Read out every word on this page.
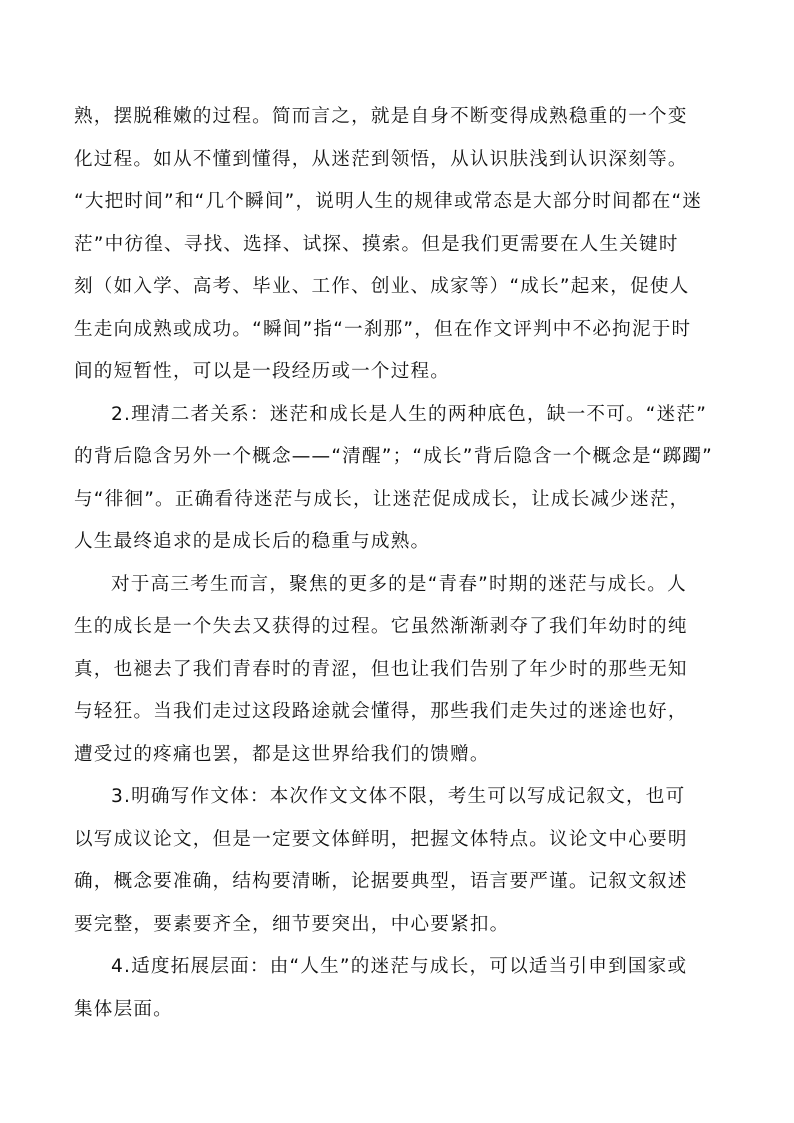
熟，摆脱稚嫩的过程。简而言之，就是自身不断变得成熟稳重的一个变
化过程。如从不懂到懂得，从迷茫到领悟，从认识肤浅到认识深刻等。
“大把时间”和“几个瞬间”，说明人生的规律或常态是大部分时间都在“迷
茫”中彷徨、寻找、选择、试探、摸索。但是我们更需要在人生关键时
刻（如入学、高考、毕业、工作、创业、成家等）“成长”起来，促使人
生走向成熟或成功。“瞬间”指“一刹那”，但在作文评判中不必拘泥于时
间的短暂性，可以是一段经历或一个过程。
2.理清二者关系：迷茫和成长是人生的两种底色，缺一不可。“迷茫”
的背后隐含另外一个概念——“清醒”；“成长”背后隐含一个概念是“踯躅”
与“徘徊”。正确看待迷茫与成长，让迷茫促成成长，让成长减少迷茫，
人生最终追求的是成长后的稳重与成熟。
对于高三考生而言，聚焦的更多的是“青春”时期的迷茫与成长。人
生的成长是一个失去又获得的过程。它虽然渐渐剥夺了我们年幼时的纯
真，也褪去了我们青春时的青涩，但也让我们告别了年少时的那些无知
与轻狂。当我们走过这段路途就会懂得，那些我们走失过的迷途也好，
遭受过的疼痛也罢，都是这世界给我们的馈赠。
3.明确写作文体：本次作文文体不限，考生可以写成记叙文，也可
以写成议论文，但是一定要文体鲜明，把握文体特点。议论文中心要明
确，概念要准确，结构要清晰，论据要典型，语言要严谨。记叙文叙述
要完整，要素要齐全，细节要突出，中心要紧扣。
4.适度拓展层面：由“人生”的迷茫与成长，可以适当引申到国家或
集体层面。
